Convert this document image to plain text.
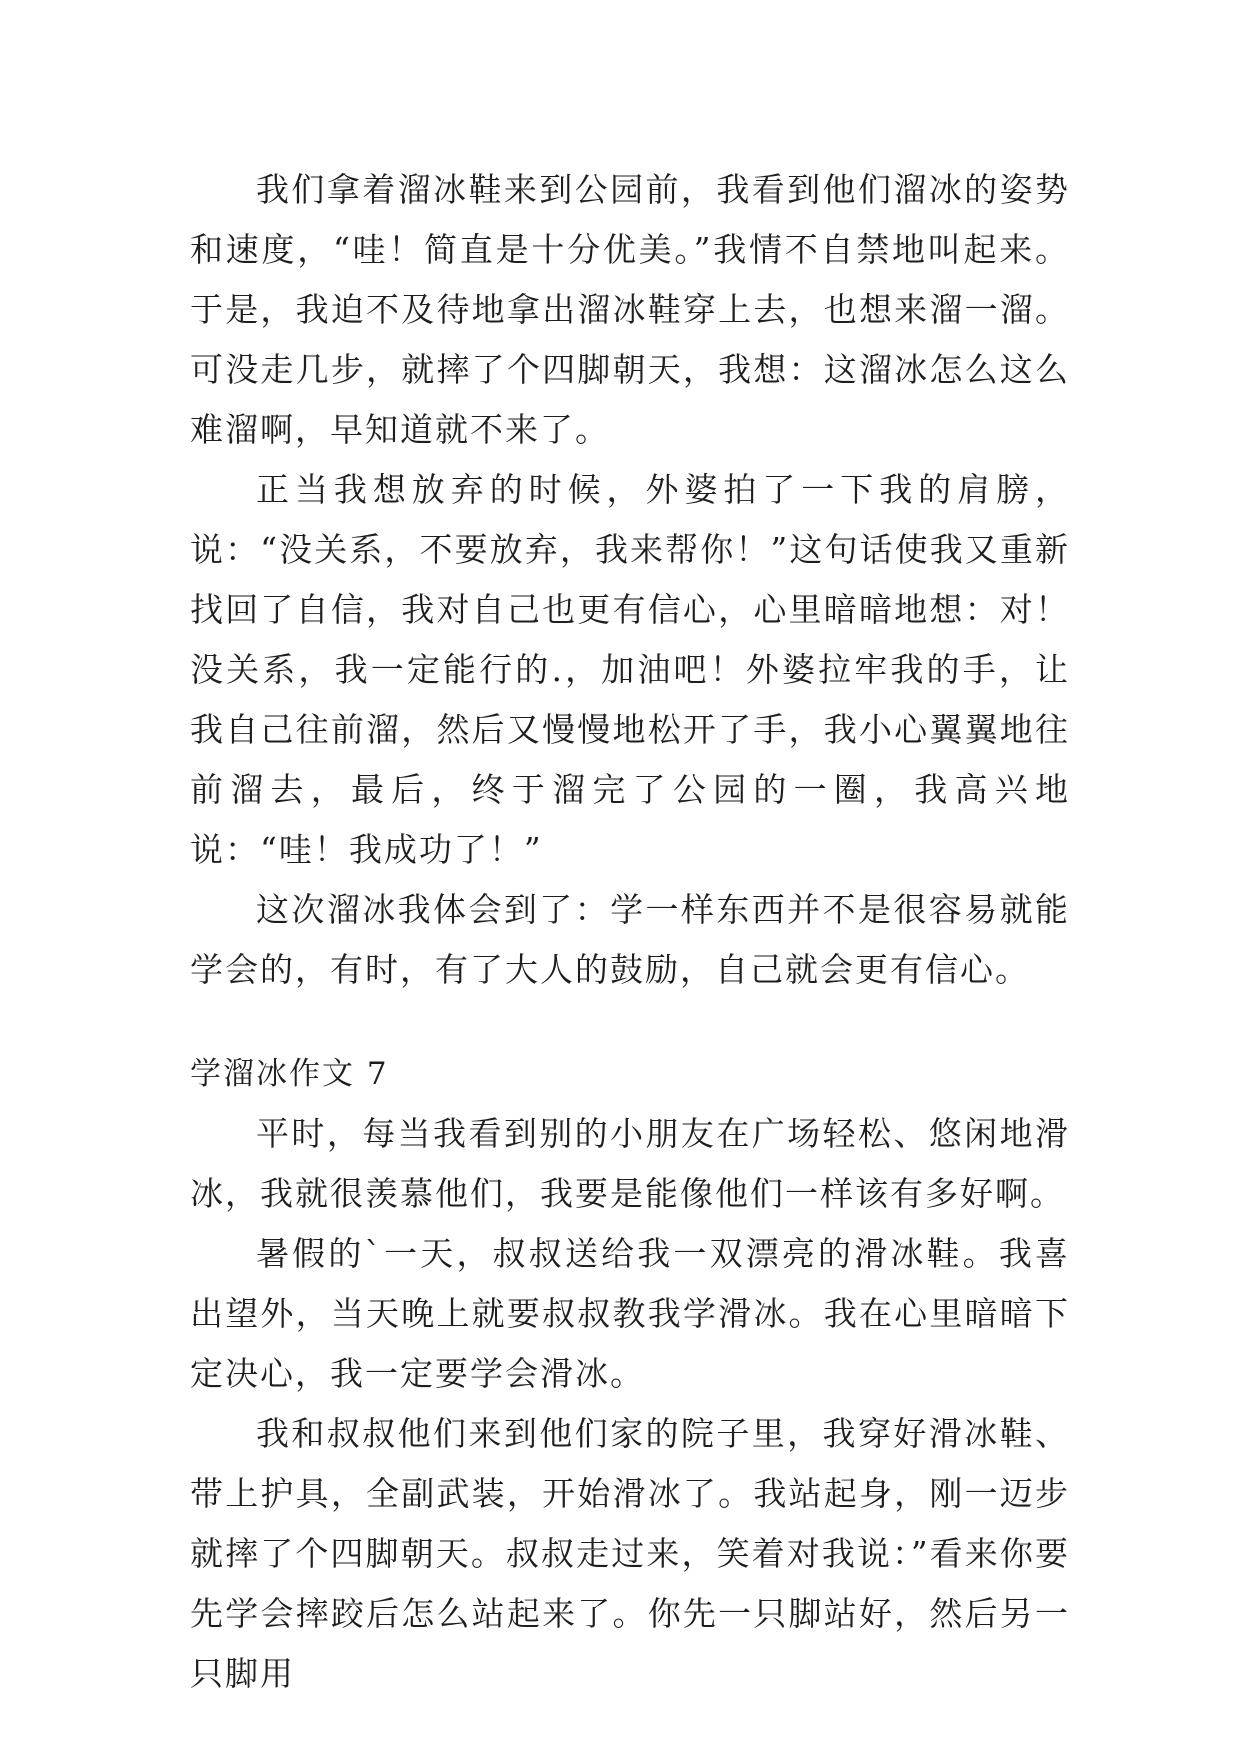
我们拿着溜冰鞋来到公园前，我看到他们溜冰的姿势和速度，“哇！简直是十分优美。”我情不自禁地叫起来。于是，我迫不及待地拿出溜冰鞋穿上去，也想来溜一溜。可没走几步，就摔了个四脚朝天，我想：这溜冰怎么这么难溜啊，早知道就不来了。

正当我想放弃的时候，外婆拍了一下我的肩膀，说：“没关系，不要放弃，我来帮你！”这句话使我又重新找回了自信，我对自己也更有信心，心里暗暗地想：对！没关系，我一定能行的.，加油吧！外婆拉牢我的手，让我自己往前溜，然后又慢慢地松开了手，我小心翼翼地往前溜去，最后，终于溜完了公园的一圈，我高兴地说：“哇！我成功了！”

这次溜冰我体会到了：学一样东西并不是很容易就能学会的，有时，有了大人的鼓励，自己就会更有信心。

学溜冰作文 7

平时，每当我看到别的小朋友在广场轻松、悠闲地滑冰，我就很羡慕他们，我要是能像他们一样该有多好啊。

暑假的`一天，叔叔送给我一双漂亮的滑冰鞋。我喜出望外，当天晚上就要叔叔教我学滑冰。我在心里暗暗下定决心，我一定要学会滑冰。

我和叔叔他们来到他们家的院子里，我穿好滑冰鞋、带上护具，全副武装，开始滑冰了。我站起身，刚一迈步就摔了个四脚朝天。叔叔走过来，笑着对我说：”看来你要先学会摔跤后怎么站起来了。你先一只脚站好，然后另一只脚用
